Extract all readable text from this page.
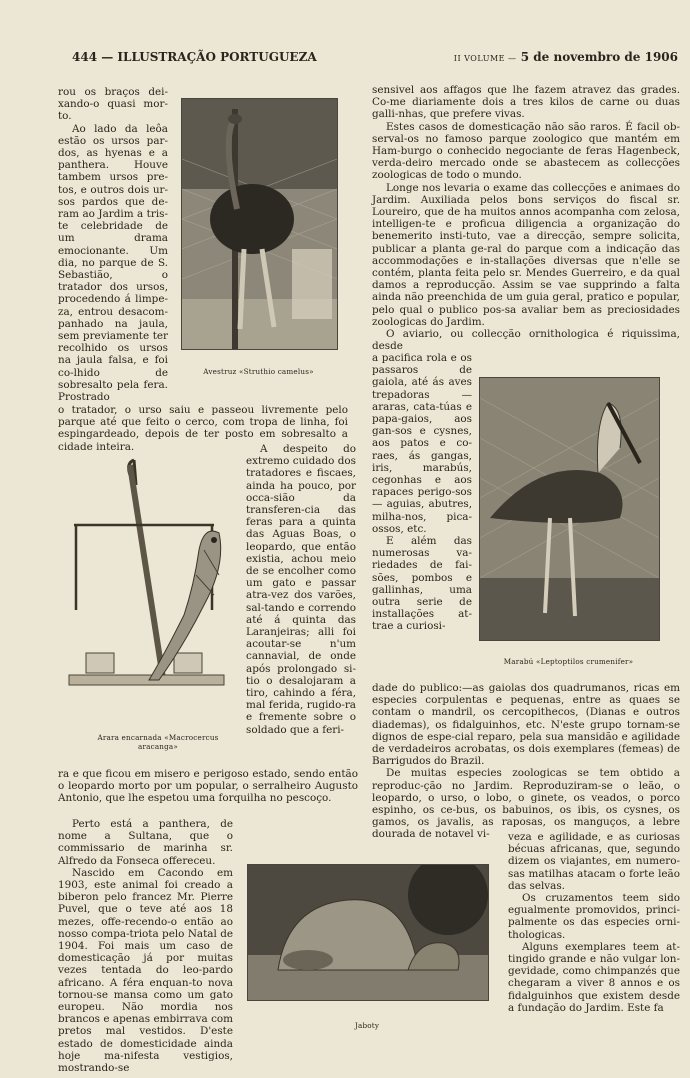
444 — ILLUSTRAÇÃO PORTUGUEZA	II VOLUME — 5 de novembro de 1906

rou os braços dei-xando-o quasi mor-to.

Ao lado da leôa estão os ursos par-dos, as hyenas e a panthera. Houve tambem ursos pre-tos, e outros dois ur-sos pardos que de-ram ao Jardim a tris-te celebridade de um drama emocionante. Um dia, no parque de S. Sebastião, o tratador dos ursos, procedendo á limpe-za, entrou desacom-panhado na jaula, sem previamente ter recolhido os ursos na jaula falsa, e foi co-lhido de sobresalto pela fera. Prostrado

Avestruz «Struthio camelus»

o tratador, o urso saiu e passeou livremente pelo parque até que feito o cerco, com tropa de linha, foi espingardeado, depois de ter posto em sobresalto a cidade inteira.

Arara encarnada «Macrocercus aracanga»

A despeito do extremo cuidado dos tratadores e fiscaes, ainda ha pouco, por occa-sião da transferen-cia das feras para a quinta das Aguas Boas, o leopardo, que então existia, achou meio de se encolher como um gato e passar atra-vez dos varões, sal-tando e correndo até á quinta das Laranjeiras; alli foi acoutar-se n'um cannavial, de onde após prolongado si-tio o desalojaram a tiro, cahindo a féra, mal ferida, rugido-ra e frementе sobre o soldado que a feri-

ra e que ficou em misero e perigoso estado, sendo então o leopardo morto por um popular, o serralheiro Augusto Antonio, que lhe espetou uma forquilha no pescoço.

Perto está a panthera, de nome a Sultana, que o commissario de marinha sr. Alfredo da Fonseca offereceu.

Nascido em Cacondo em 1903, este animal foi creado a biberon pelo francez Mr. Pierre Puvel, que o teve até aos 18 mezes, offe-recendo-o então ao nosso compa-triota pelo Natal de 1904. Foi mais um caso de domesticação já por muitas vezes tentada do leo-pardo africano. A féra enquan-to nova tornou-se mansa como um gato europeu. Não mordia nos brancos e apenas embirrava com pretos mal vestidos. D'este estado de domesticidade ainda hoje ma-nifesta vestigios, mostrando-se

Jaboty

sensivel aos affagos que lhe fazem atravez das grades. Co-me diariamente dois a tres kilos de carne ou duas galli-nhas, que prefere vivas.

Estes casos de domesticação não são raros. É facil ob-serval-os no famoso parque zoologico que mantém em Ham-burgo o conhecido negociante de feras Hagenbeck, verda-deiro mercado onde se abastecem as collecções zoologicas de todo o mundo.

Longe nos levaria o exame das collecções e animaes do Jardim. Auxiliada pelos bons serviços do fiscal sr. Loureiro, que de ha muitos annos acompanha com zelosa, intelligen-te e proficua diligencia a organização do benemerito insti-tuto, vae a direcção, sempre solicita, publicar a planta ge-ral do parque com a indicação das accommodações e in-stallações diversas que n'elle se contém, planta feita pelo sr. Mendes Guerreiro, e da qual damos a reproducção. Assim se vae supprindo a falta ainda não preenchida de um guia geral, pratico e popular, pelo qual o publico pos-sa avaliar bem as preciosidades zoologicas do Jardim.

O aviario, ou collecção ornithologica é riquissima, desde

a pacifica rola e os passaros de gaiola, até ás aves trepadoras —araras, cata-túas e papa-gaios, aos gan-sos e cysnes, aos patos e co-raes, ás gangas, iris, marabús, cegonhas e aos rapaces perigo-sos — aguias, abutres, milha-nos, pica-ossos, etc.

E além das numerosas va-riedades de fai-sões, pombos e gallinhas, uma outra serie de installações at-trae a curiosi-

Marabú «Leptoptilos crumenifer»

dade do publico:—as gaiolas dos quadrumanos, ricas em especies corpulentas e pequenas, entre as quaes se contam o mandril, os cercopithecos, (Dianas e outros diademas), os fidalguinhos, etc. N'este grupo tornam-se dignos de espe-cial reparo, pela sua mansidão e agilidade de verdadeiros acrobatas, os dois exemplares (femeas) de Barrigudos do Brazil.

De muitas especies zoologicas se tem obtido a reproduc-ção no Jardim. Reproduziram-se o leão, o leopardo, o urso, o lobo, o ginete, os veados, o porco espinho, os ce-bus, os babuinos, os ibis, os cysnes, os gamos, os javalis, as raposas, os manguços, a lebre dourada de notavel vi-	veza e agilidade, e as curiosas bécuas africanas, que, segundo dizem os viajantes, em numero-sas matilhas atacam o forte leão das selvas.

Os cruzamentos teem sido egualmente promovidos, princi-palmente os das especies orni-thologicas.

Alguns exemplares teem at-tingido grande e não vulgar lon-gevidade, como chimpanzés que chegaram a viver 8 annos e os fidalguinhos que existem desde a fundação do Jardim. Este fa
